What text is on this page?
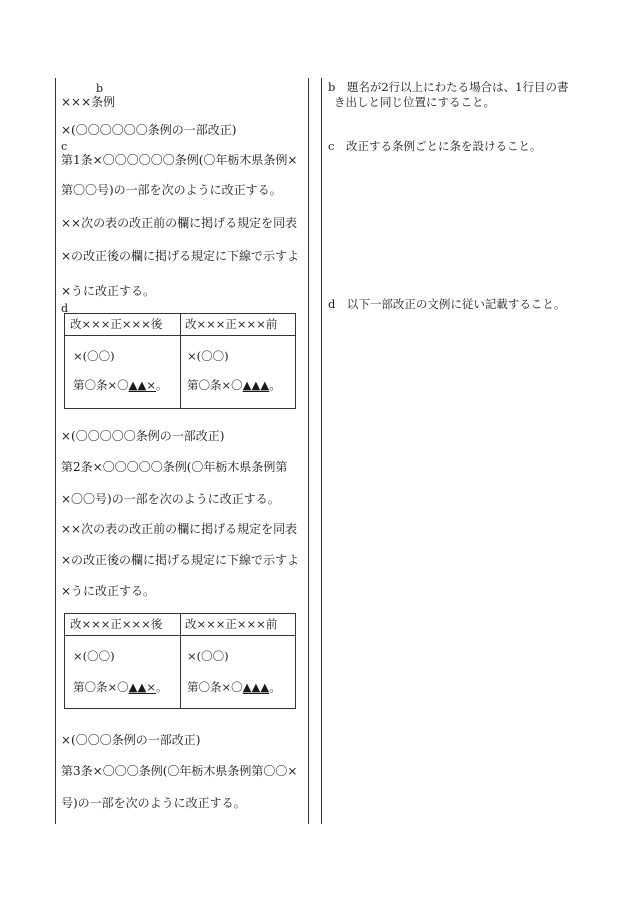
b
×××条例
×(〇〇〇〇〇〇条例の一部改正)
c
第1条×〇〇〇〇〇〇条例(〇年栃木県条例×
第〇〇号)の一部を次のように改正する。
××次の表の改正前の欄に掲げる規定を同表
×の改正後の欄に掲げる規定に下線で示すよ
×うに改正する。
d
改×××正×××後 改×××正×××前
×(〇〇)	×(〇〇)
第〇条×〇▲▲×。 第〇条×〇▲▲▲。
×(〇〇〇〇〇条例の一部改正)
第2条×〇〇〇〇〇条例(〇年栃木県条例第
×〇〇号)の一部を次のように改正する。
××次の表の改正前の欄に掲げる規定を同表
×の改正後の欄に掲げる規定に下線で示すよ
×うに改正する。
改×××正×××後 改×××正×××前
×(〇〇)	×(〇〇)
第〇条×〇▲▲×。 第〇条×〇▲▲▲。
×(〇〇〇条例の一部改正)
第3条×〇〇〇条例(〇年栃木県条例第〇〇×
号)の一部を次のように改正する。
b　題名が2行以上にわたる場合は、1行目の書
き出しと同じ位置にすること。
c　改正する条例ごとに条を設けること。
d　以下一部改正の文例に従い記載すること。
